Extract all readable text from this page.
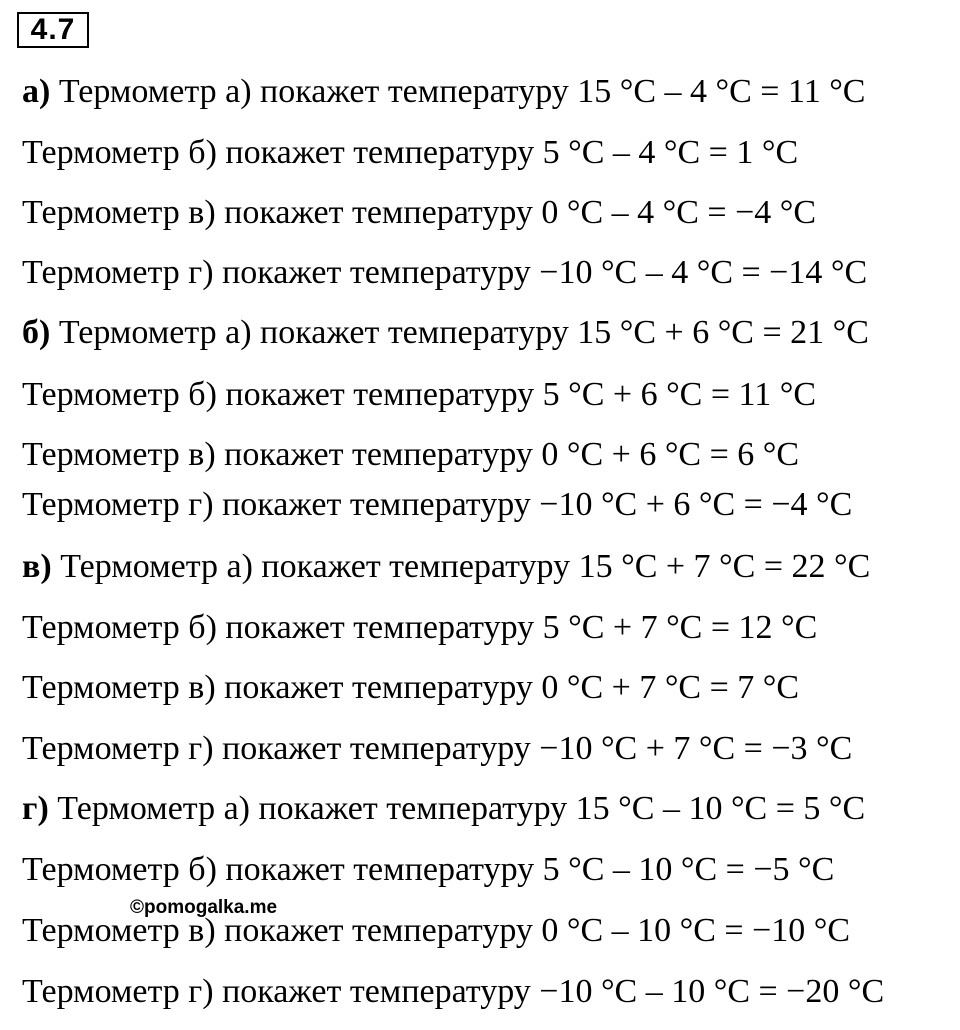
4.7
а) Термометр а) покажет температуру 15 °С – 4 °С = 11 °С
Термометр б) покажет температуру 5 °С – 4 °С = 1 °С
Термометр в) покажет температуру 0 °С – 4 °С = −4 °С
Термометр г) покажет температуру −10 °С – 4 °С = −14 °С
б) Термометр а) покажет температуру 15 °С + 6 °С = 21 °С
Термометр б) покажет температуру 5 °С + 6 °С = 11 °С
Термометр в) покажет температуру 0 °С + 6 °С = 6 °С
Термометр г) покажет температуру −10 °С + 6 °С = −4 °С
в) Термометр а) покажет температуру 15 °С + 7 °С = 22 °С
Термометр б) покажет температуру 5 °С + 7 °С = 12 °С
Термометр в) покажет температуру 0 °С + 7 °С = 7 °С
Термометр г) покажет температуру −10 °С + 7 °С = −3 °С
г) Термометр а) покажет температуру 15 °С – 10 °С = 5 °С
Термометр б) покажет температуру 5 °С – 10 °С = −5 °С
Термометр в) покажет температуру 0 °С – 10 °С = −10 °С
Термометр г) покажет температуру −10 °С – 10 °С = −20 °С
©pomogalka.me
